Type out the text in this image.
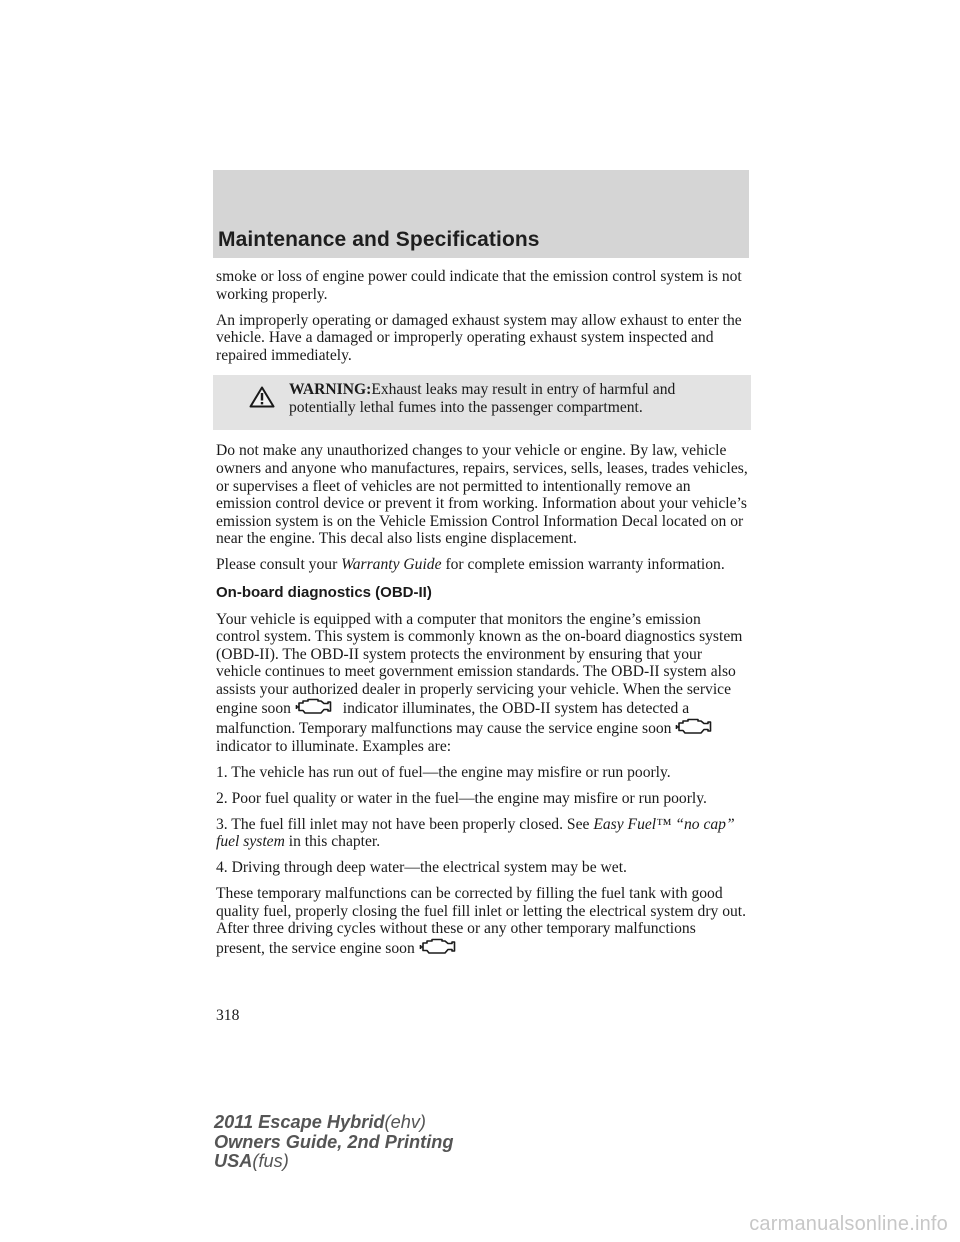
Maintenance and Specifications

smoke or loss of engine power could indicate that the emission control system is not working properly.

An improperly operating or damaged exhaust system may allow exhaust to enter the vehicle. Have a damaged or improperly operating exhaust system inspected and repaired immediately.

WARNING:Exhaust leaks may result in entry of harmful and potentially lethal fumes into the passenger compartment.

Do not make any unauthorized changes to your vehicle or engine. By law, vehicle owners and anyone who manufactures, repairs, services, sells, leases, trades vehicles, or supervises a fleet of vehicles are not permitted to intentionally remove an emission control device or prevent it from working. Information about your vehicle’s emission system is on the Vehicle Emission Control Information Decal located on or near the engine. This decal also lists engine displacement.

Please consult your Warranty Guide for complete emission warranty information.

On-board diagnostics (OBD-II)

Your vehicle is equipped with a computer that monitors the engine’s emission control system. This system is commonly known as the on-board diagnostics system (OBD-II). The OBD-II system protects the environment by ensuring that your vehicle continues to meet government emission standards. The OBD-II system also assists your authorized dealer in properly servicing your vehicle. When the service engine soon	indicator illuminates, the OBD-II system has detected a malfunction. Temporary malfunctions may cause the service engine soon  indicator to illuminate. Examples are:

1. The vehicle has run out of fuel—the engine may misfire or run poorly.

2. Poor fuel quality or water in the fuel—the engine may misfire or run poorly.

3. The fuel fill inlet may not have been properly closed. See Easy Fuel™ “no cap” fuel system in this chapter.

4. Driving through deep water—the electrical system may be wet.

These temporary malfunctions can be corrected by filling the fuel tank with good quality fuel, properly closing the fuel fill inlet or letting the electrical system dry out. After three driving cycles without these or any other temporary malfunctions present, the service engine soon

318
2011 Escape Hybrid(ehv)
Owners Guide, 2nd Printing
USA(fus)
carmanualsonline.info
